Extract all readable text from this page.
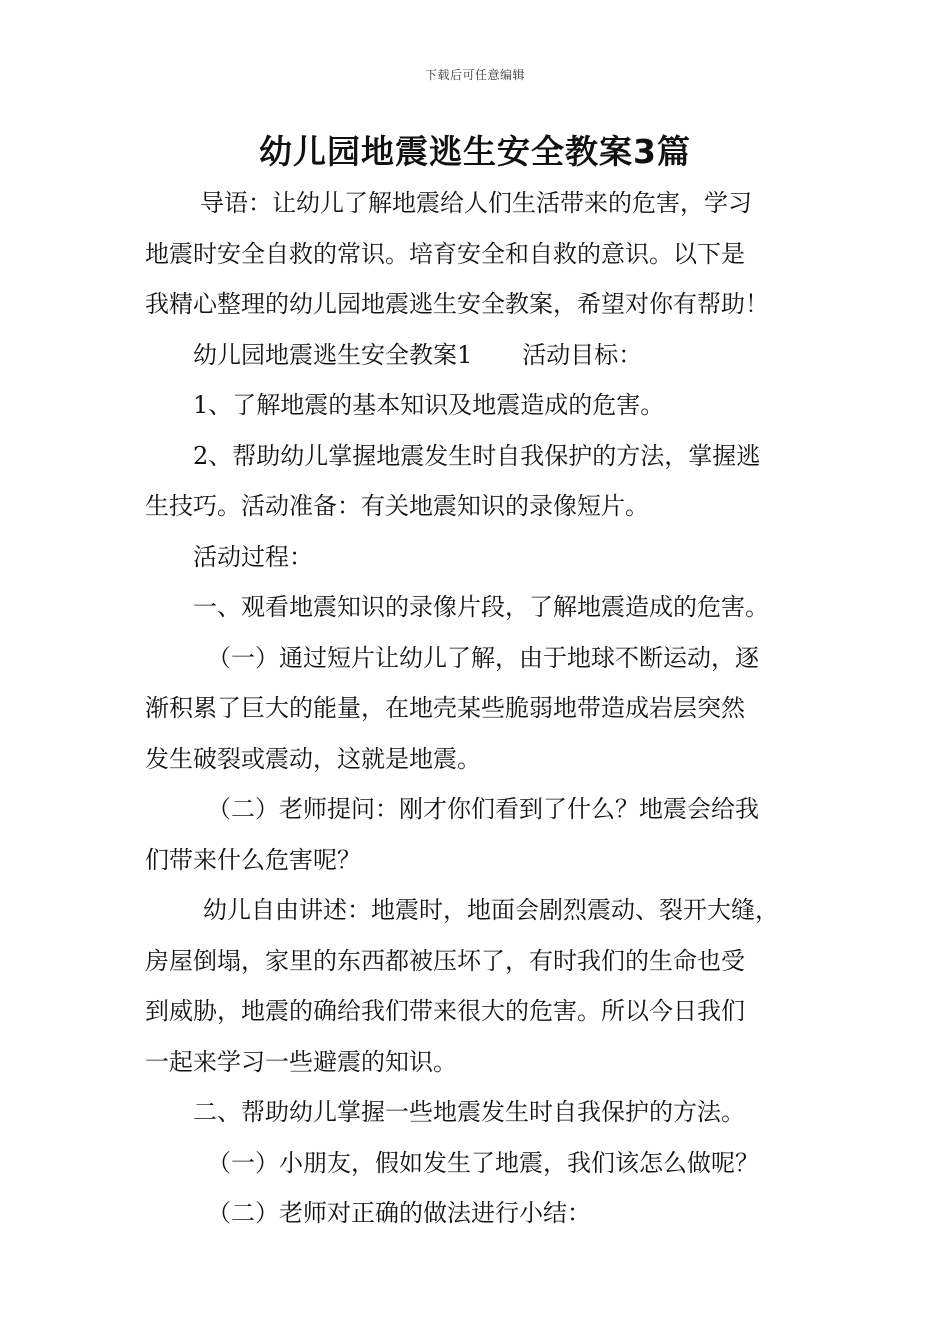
下载后可任意编辑
幼儿园地震逃生安全教案3篇

导语：让幼儿了解地震给人们生活带来的危害，学习

地震时安全自救的常识。培育安全和自救的意识。以下是

我精心整理的幼儿园地震逃生安全教案，希望对你有帮助！

幼儿园地震逃生安全教案1 活动目标：

1、了解地震的基本知识及地震造成的危害。

2、帮助幼儿掌握地震发生时自我保护的方法，掌握逃

生技巧。活动准备：有关地震知识的录像短片。

活动过程：

一、观看地震知识的录像片段，了解地震造成的危害。

（一）通过短片让幼儿了解，由于地球不断运动，逐

渐积累了巨大的能量，在地壳某些脆弱地带造成岩层突然

发生破裂或震动，这就是地震。

（二）老师提问：刚才你们看到了什么？地震会给我

们带来什么危害呢？

幼儿自由讲述：地震时，地面会剧烈震动、裂开大缝，

房屋倒塌，家里的东西都被压坏了，有时我们的生命也受

到威胁，地震的确给我们带来很大的危害。所以今日我们

一起来学习一些避震的知识。

二、帮助幼儿掌握一些地震发生时自我保护的方法。

（一）小朋友，假如发生了地震，我们该怎么做呢？

（二）老师对正确的做法进行小结：
